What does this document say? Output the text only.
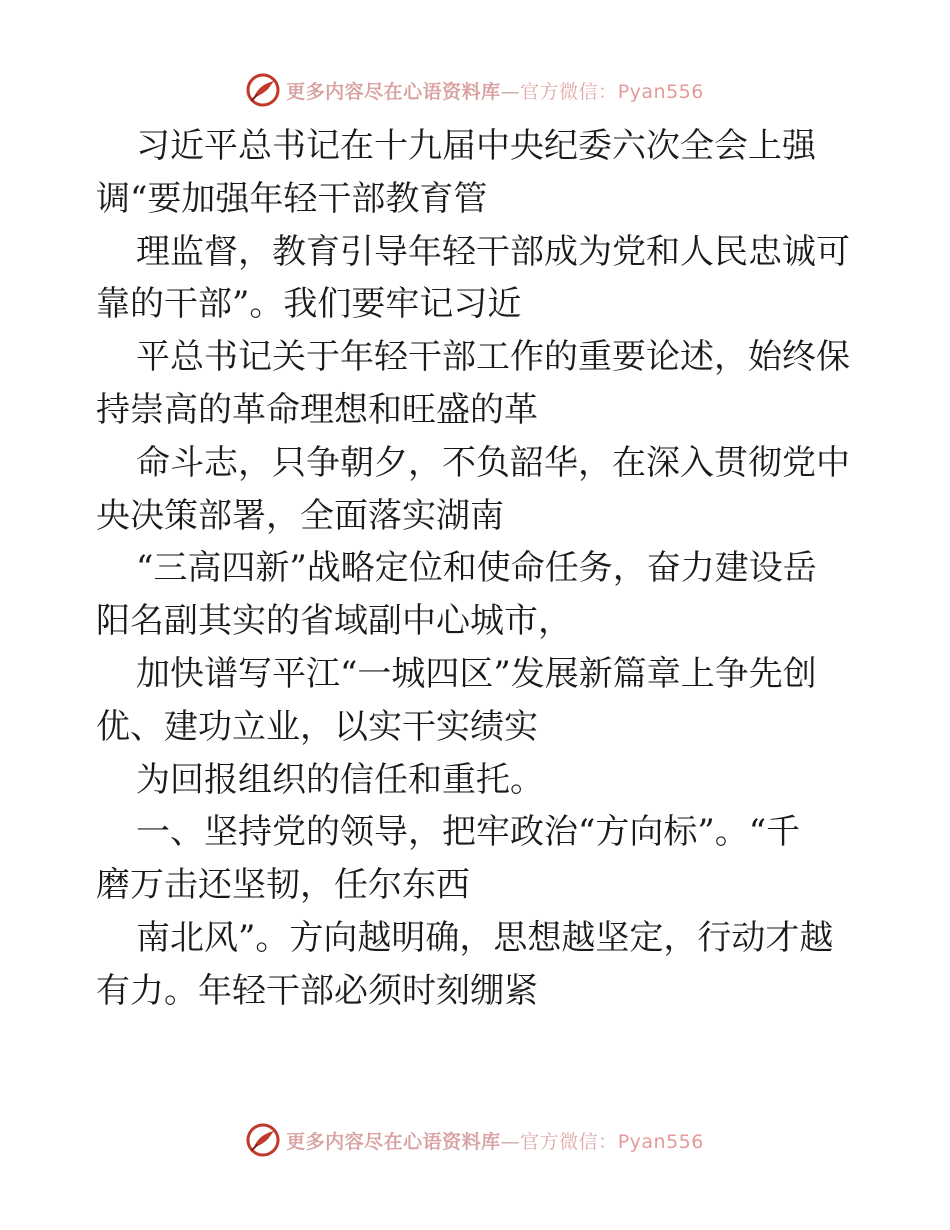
更多内容尽在心语资料库—官方微信：Pyan556
习近平总书记在十九届中央纪委六次全会上强
调“要加强年轻干部教育管
理监督，教育引导年轻干部成为党和人民忠诚可
靠的干部”。我们要牢记习近
平总书记关于年轻干部工作的重要论述，始终保
持崇高的革命理想和旺盛的革
命斗志，只争朝夕，不负韶华，在深入贯彻党中
央决策部署，全面落实湖南
“三高四新”战略定位和使命任务，奋力建设岳
阳名副其实的省域副中心城市，
加快谱写平江“一城四区”发展新篇章上争先创
优、建功立业，以实干实绩实
为回报组织的信任和重托。
一、坚持党的领导，把牢政治“方向标”。“千
磨万击还坚韧，任尔东西
南北风”。方向越明确，思想越坚定，行动才越
有力。年轻干部必须时刻绷紧
更多内容尽在心语资料库—官方微信：Pyan556
